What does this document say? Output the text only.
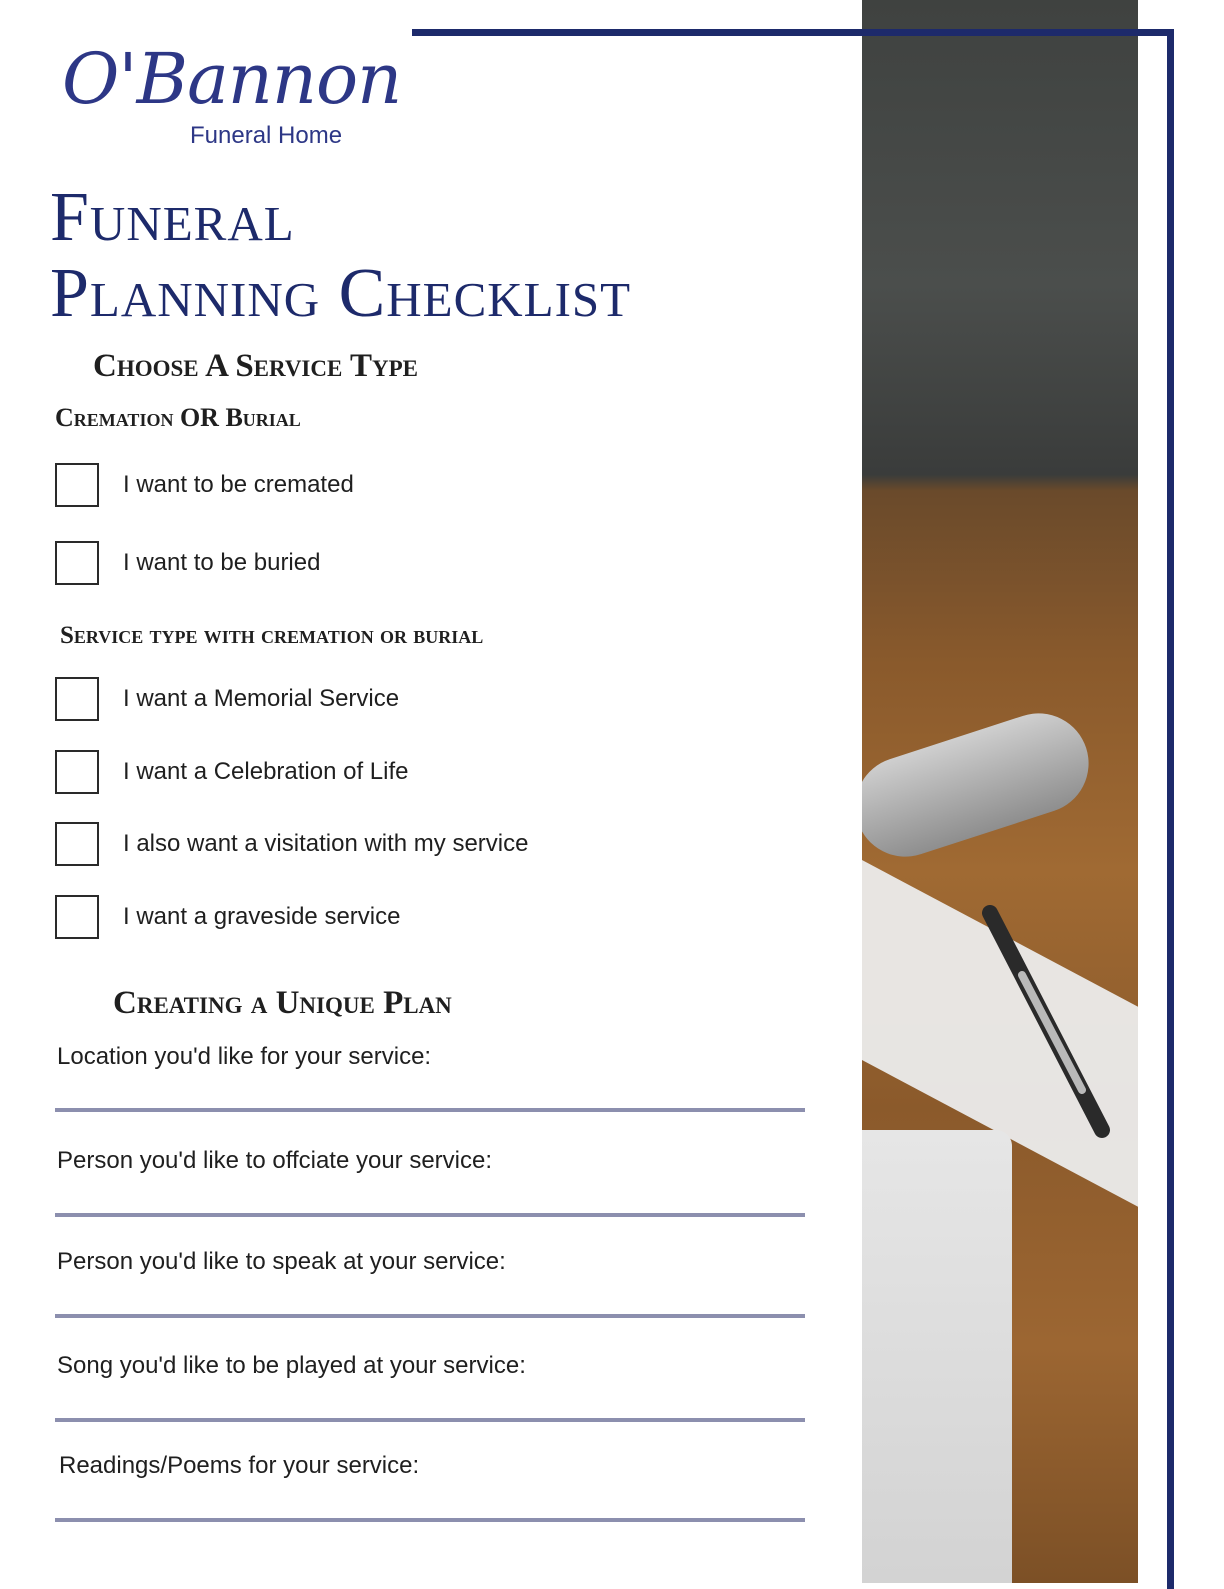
O'Bannon
Funeral Home
Funeral
Planning Checklist
Choose A Service Type
Cremation OR Burial
I want to be cremated
I want to be buried
Service type with cremation or burial
I want a Memorial Service
I want a Celebration of Life
I also want a visitation with my service
I want a graveside service
Creating a Unique Plan
Location you'd like for your service:
Person you'd like to offciate your service:
Person you'd like to speak at your service:
Song you'd like to be played at your service:
Readings/Poems for your service:
